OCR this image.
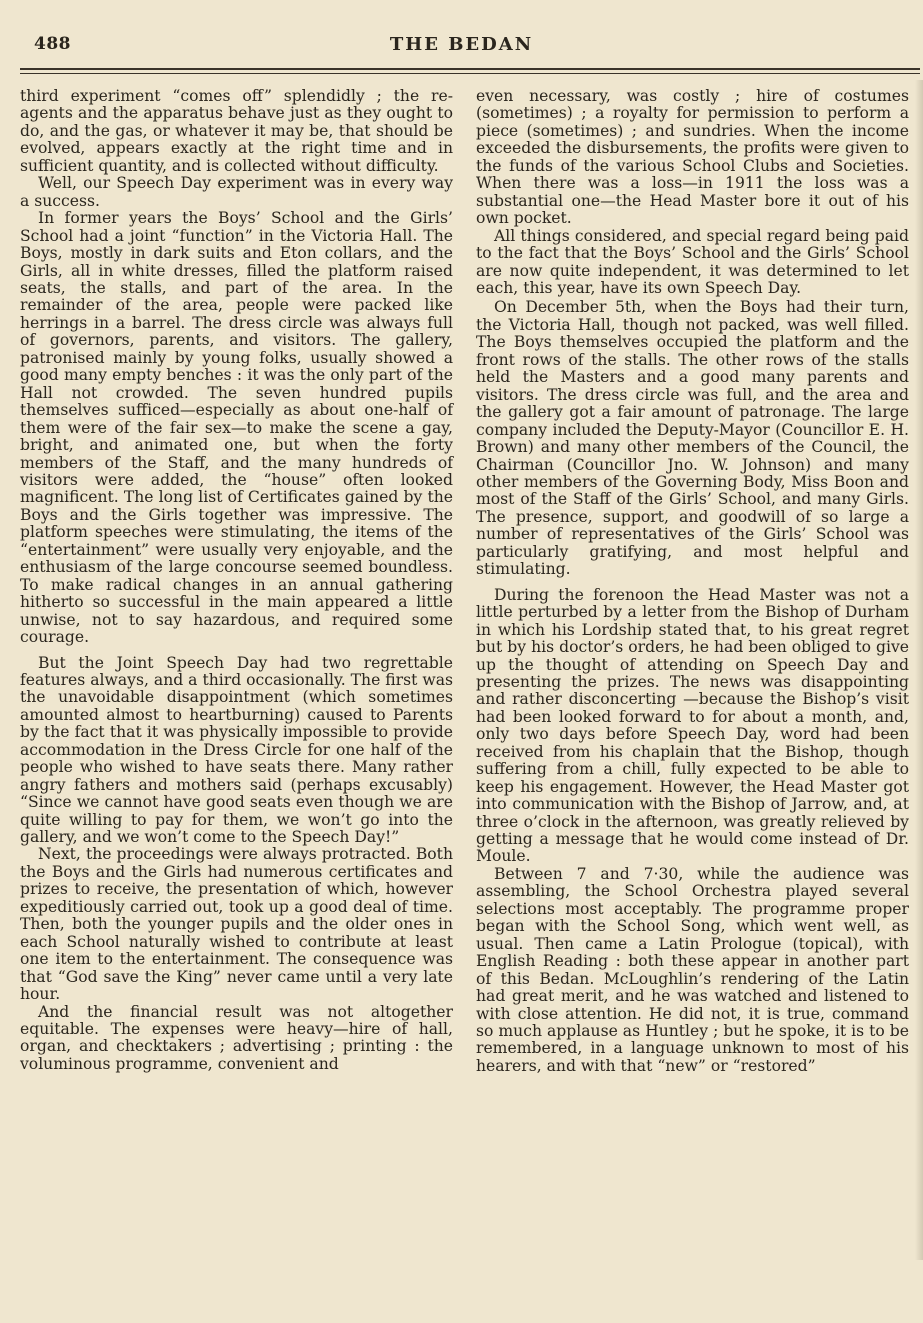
488	THE BEDAN

third experiment “comes off” splendidly ; the re-agents and the apparatus behave just as they ought to do, and the gas, or whatever it may be, that should be evolved, appears exactly at the right time and in sufficient quantity, and is collected without difficulty.

Well, our Speech Day experiment was in every way a success.

In former years the Boys’ School and the Girls’ School had a joint “function” in the Victoria Hall. The Boys, mostly in dark suits and Eton collars, and the Girls, all in white dresses, filled the platform raised seats, the stalls, and part of the area. In the remainder of the area, people were packed like herrings in a barrel. The dress circle was always full of governors, parents, and visitors. The gallery, patronised mainly by young folks, usually showed a good many empty benches : it was the only part of the Hall not crowded. The seven hundred pupils themselves sufficed—especially as about one-half of them were of the fair sex—to make the scene a gay, bright, and animated one, but when the forty members of the Staff, and the many hundreds of visitors were added, the “house” often looked magnificent. The long list of Certificates gained by the Boys and the Girls together was impressive. The platform speeches were stimulating, the items of the “entertainment” were usually very enjoyable, and the enthusiasm of the large concourse seemed boundless. To make radical changes in an annual gathering hitherto so successful in the main appeared a little unwise, not to say hazardous, and required some courage.

But the Joint Speech Day had two regrettable features always, and a third occasionally. The first was the unavoidable disappointment (which sometimes amounted almost to heartburning) caused to Parents by the fact that it was physically impossible to provide accommodation in the Dress Circle for one half of the people who wished to have seats there. Many rather angry fathers and mothers said (perhaps excusably) “Since we cannot have good seats even though we are quite willing to pay for them, we won’t go into the gallery, and we won’t come to the Speech Day!”

Next, the proceedings were always protracted. Both the Boys and the Girls had numerous certificates and prizes to receive, the presentation of which, however expeditiously carried out, took up a good deal of time. Then, both the younger pupils and the older ones in each School naturally wished to contribute at least one item to the entertainment. The consequence was that “God save the King” never came until a very late hour.

And the financial result was not altogether equitable. The expenses were heavy—hire of hall, organ, and checktakers ; advertising ; printing : the voluminous programme, convenient and

even necessary, was costly ; hire of costumes (sometimes) ; a royalty for permission to perform a piece (sometimes) ; and sundries. When the income exceeded the disbursements, the profits were given to the funds of the various School Clubs and Societies. When there was a loss—in 1911 the loss was a substantial one—the Head Master bore it out of his own pocket.

All things considered, and special regard being paid to the fact that the Boys’ School and the Girls’ School are now quite independent, it was determined to let each, this year, have its own Speech Day.

On December 5th, when the Boys had their turn, the Victoria Hall, though not packed, was well filled. The Boys themselves occupied the platform and the front rows of the stalls. The other rows of the stalls held the Masters and a good many parents and visitors. The dress circle was full, and the area and the gallery got a fair amount of patronage. The large company included the Deputy-Mayor (Councillor E. H. Brown) and many other members of the Council, the Chairman (Councillor Jno. W. Johnson) and many other members of the Governing Body, Miss Boon and most of the Staff of the Girls’ School, and many Girls. The presence, support, and goodwill of so large a number of representatives of the Girls’ School was particularly gratifying, and most helpful and stimulating.

During the forenoon the Head Master was not a little perturbed by a letter from the Bishop of Durham in which his Lordship stated that, to his great regret but by his doctor’s orders, he had been obliged to give up the thought of attending on Speech Day and presenting the prizes. The news was disappointing and rather disconcerting —because the Bishop’s visit had been looked forward to for about a month, and, only two days before Speech Day, word had been received from his chaplain that the Bishop, though suffering from a chill, fully expected to be able to keep his engagement. However, the Head Master got into communication with the Bishop of Jarrow, and, at three o’clock in the afternoon, was greatly relieved by getting a message that he would come instead of Dr. Moule.

Between 7 and 7·30, while the audience was assembling, the School Orchestra played several selections most acceptably. The programme proper began with the School Song, which went well, as usual. Then came a Latin Prologue (topical), with English Reading : both these appear in another part of this Bedan. McLoughlin’s rendering of the Latin had great merit, and he was watched and listened to with close attention. He did not, it is true, command so much applause as Huntley ; but he spoke, it is to be remembered, in a language unknown to most of his hearers, and with that “new” or “restored”
